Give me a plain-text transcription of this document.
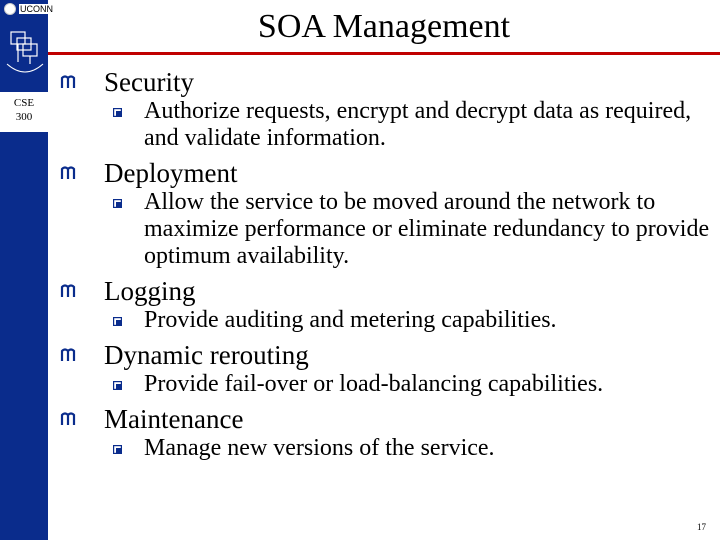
UCONN
CSE
300
SOA Management
Security
Authorize requests, encrypt and decrypt data as required, and validate information.
Deployment
Allow the service to be moved around the network to maximize performance or eliminate redundancy to provide optimum availability.
Logging
Provide auditing and metering capabilities.
Dynamic rerouting
Provide fail-over or load-balancing capabilities.
Maintenance
Manage new versions of the service.
17
